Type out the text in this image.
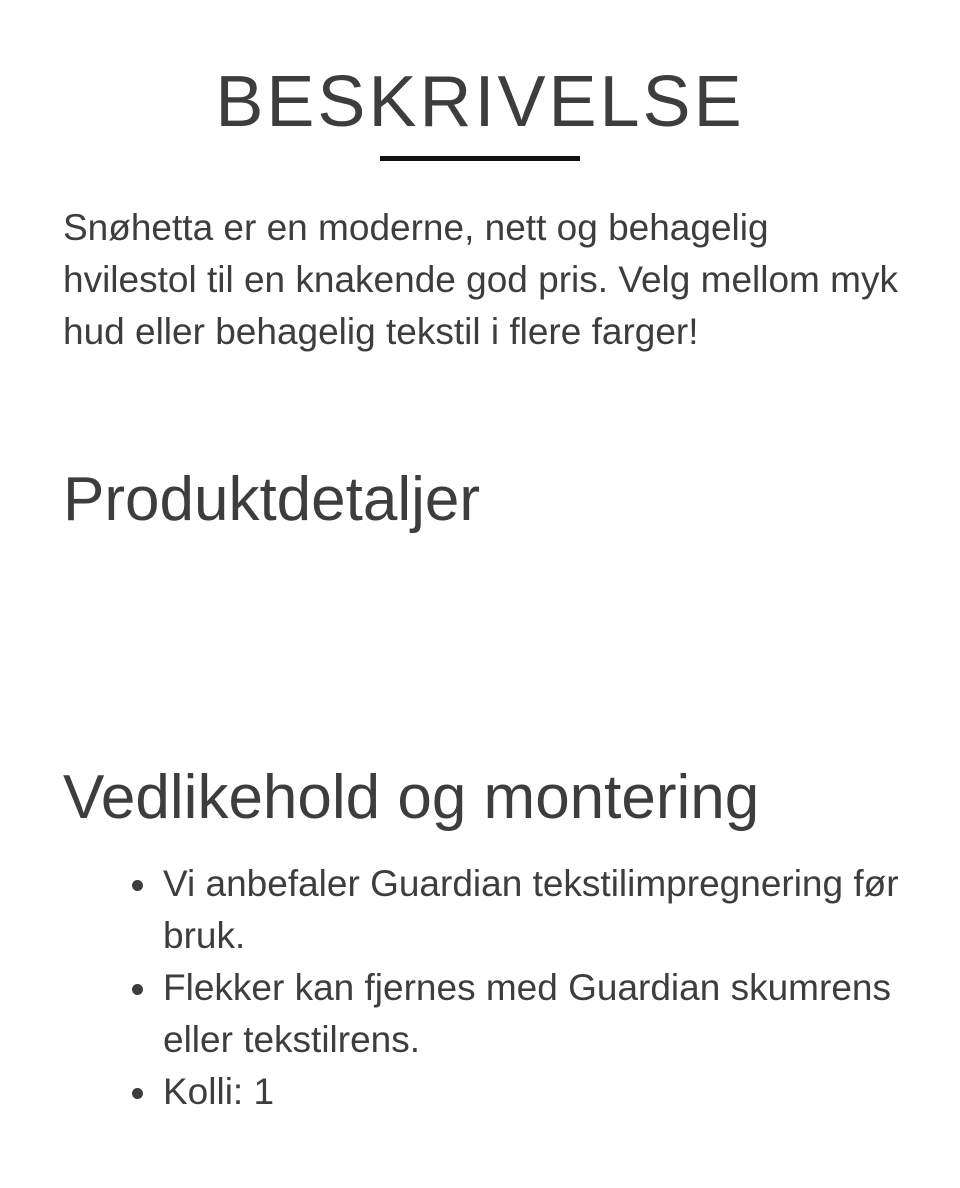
BESKRIVELSE

Snøhetta er en moderne, nett og behagelig hvilestol til en knakende god pris. Velg mellom myk hud eller behagelig tekstil i flere farger!

Produktdetaljer
Vedlikehold og montering
Vi anbefaler Guardian tekstilimpregnering før bruk.
Flekker kan fjernes med Guardian skumrens eller tekstilrens.
Kolli: 1
